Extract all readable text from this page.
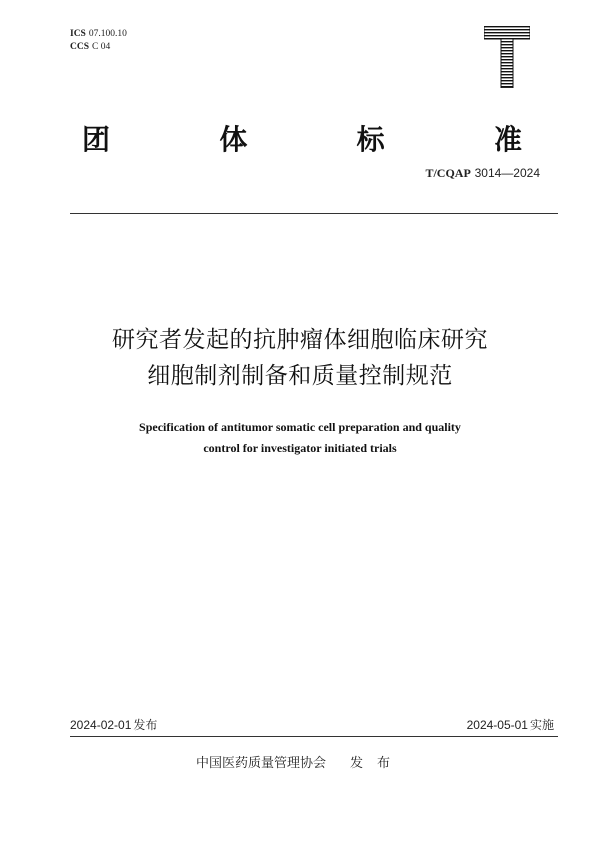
ICS 07.100.10
CCS C 04
团	体	标	准
T/CQAP 3014—2024
研究者发起的抗肿瘤体细胞临床研究
细胞制剂制备和质量控制规范
Specification of antitumor somatic cell preparation and quality
control for investigator initiated trials
2024-02-01 发布	2024-05-01 实施
中国医药质量管理协会 发布
